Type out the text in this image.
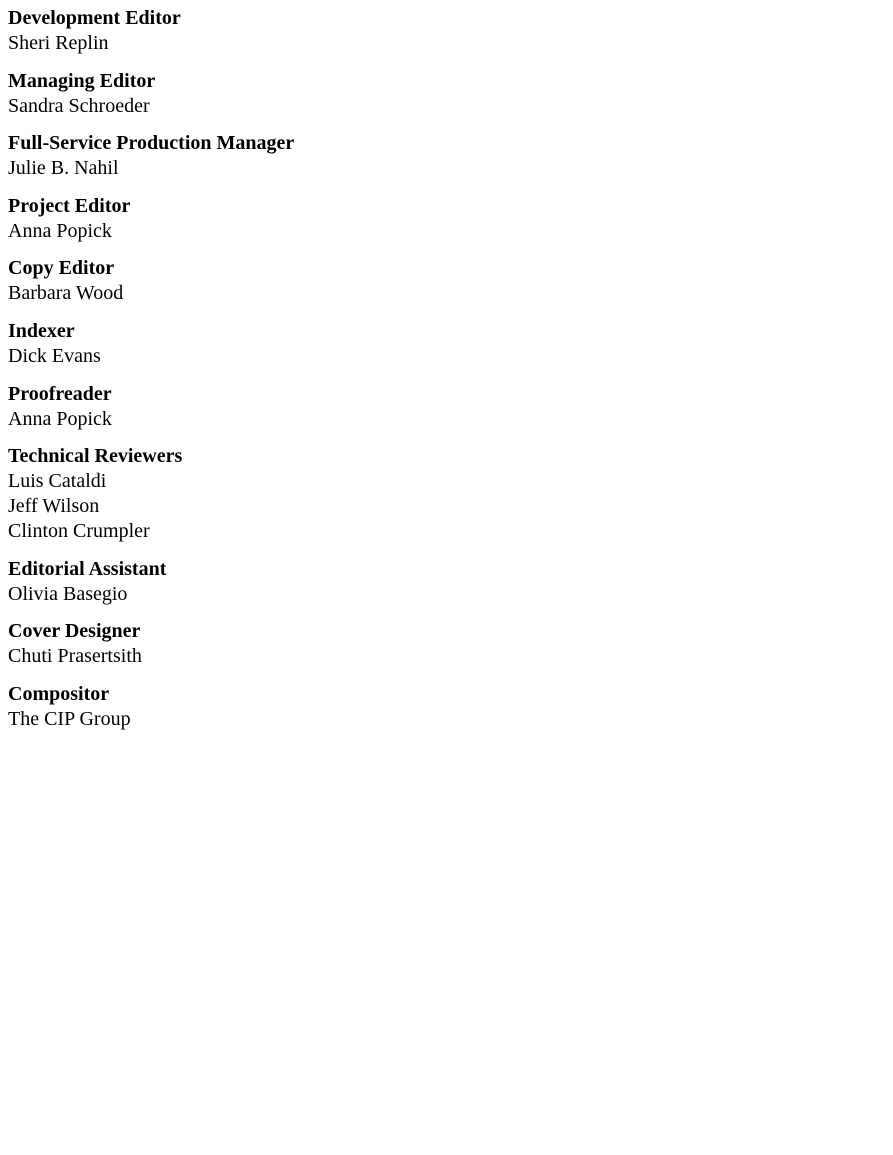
Development Editor
Sheri Replin
Managing Editor
Sandra Schroeder
Full-Service Production Manager
Julie B. Nahil
Project Editor
Anna Popick
Copy Editor
Barbara Wood
Indexer
Dick Evans
Proofreader
Anna Popick
Technical Reviewers
Luis Cataldi
Jeff Wilson
Clinton Crumpler
Editorial Assistant
Olivia Basegio
Cover Designer
Chuti Prasertsith
Compositor
The CIP Group
